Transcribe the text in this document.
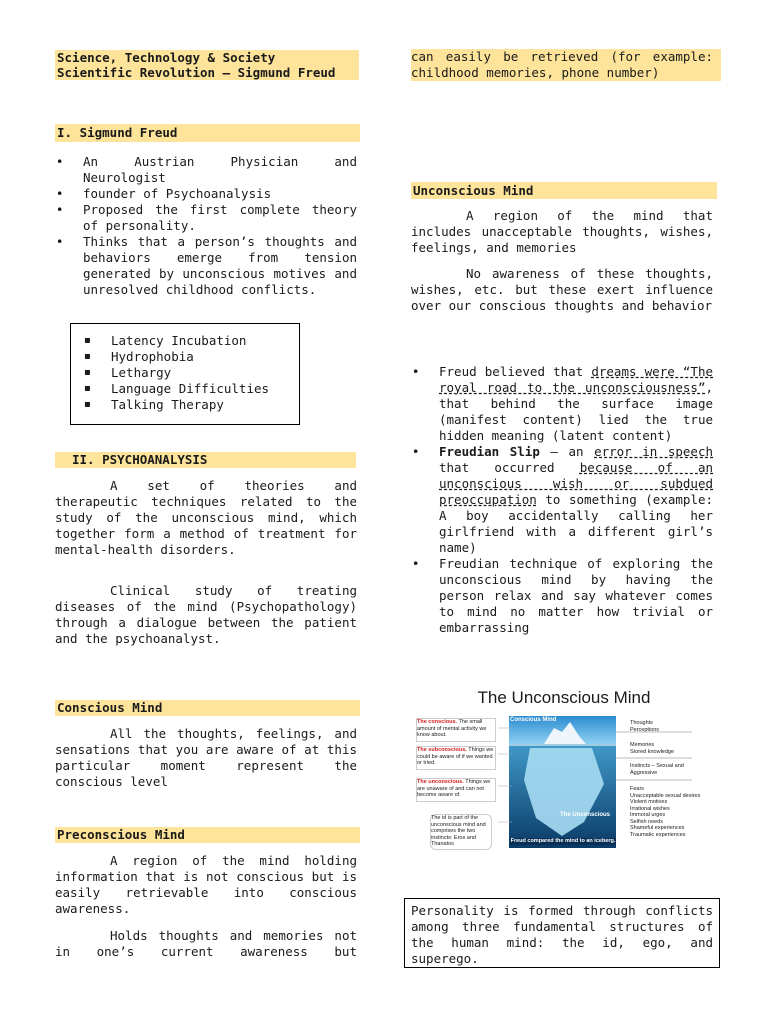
Science, Technology & Society
Scientific Revolution – Sigmund Freud
I. Sigmund Freud
• An Austrian Physician and Neurologist
• founder of Psychoanalysis
• Proposed the first complete theory of personality.
• Thinks that a person’s thoughts and behaviors emerge from tension generated by unconscious motives and unresolved childhood conflicts.
▪ Latency Incubation
▪ Hydrophobia
▪ Lethargy
▪ Language Difficulties
▪ Talking Therapy
II. PSYCHOANALYSIS

A set of theories and therapeutic techniques related to the study of the unconscious mind, which together form a method of treatment for mental-health disorders.

Clinical study of treating diseases of the mind (Psychopathology) through a dialogue between the patient and the psychoanalyst.

Conscious Mind

All the thoughts, feelings, and sensations that you are aware of at this particular moment represent the conscious level

Preconscious Mind

A region of the mind holding information that is not conscious but is easily retrievable into conscious awareness.

Holds thoughts and memories not in one’s current awareness but

can easily be retrieved (for example: childhood memories, phone number)

Unconscious Mind

A region of the mind that includes unacceptable thoughts, wishes, feelings, and memories

No awareness of these thoughts, wishes, etc. but these exert influence over our conscious thoughts and behavior

• Freud believed that dreams were “The royal road to the unconsciousness”, that behind the surface image (manifest content) lied the true hidden meaning (latent content)
• Freudian Slip – an error in speech that occurred because of an unconscious wish or subdued preoccupation to something (example: A boy accidentally calling her girlfriend with a different girl’s name)
• Freudian technique of exploring the unconscious mind by having the person relax and say whatever comes to mind no matter how trivial or embarrassing
The Unconscious Mind
Conscious Mind
The Unconscious
Freud compared the mind to an iceberg.
The conscious. The small amount of mental activity we know about.
The subconscious. Things we could be aware of if we wanted or tried.
The unconscious. Things we are unaware of and can not become aware of.
The id is part of the unconscious mind and comprises the two instincts: Eros and Thanatos
Thoughts
Perceptions
Memories
Stored knowledge
Instincts – Sexual and
Aggressive
Fears
Unacceptable sexual desires
Violent motives
Irrational wishes
Immoral urges
Selfish needs
Shameful experiences
Traumatic experiences

Personality is formed through conflicts among three fundamental structures of the human mind: the id, ego, and superego.
